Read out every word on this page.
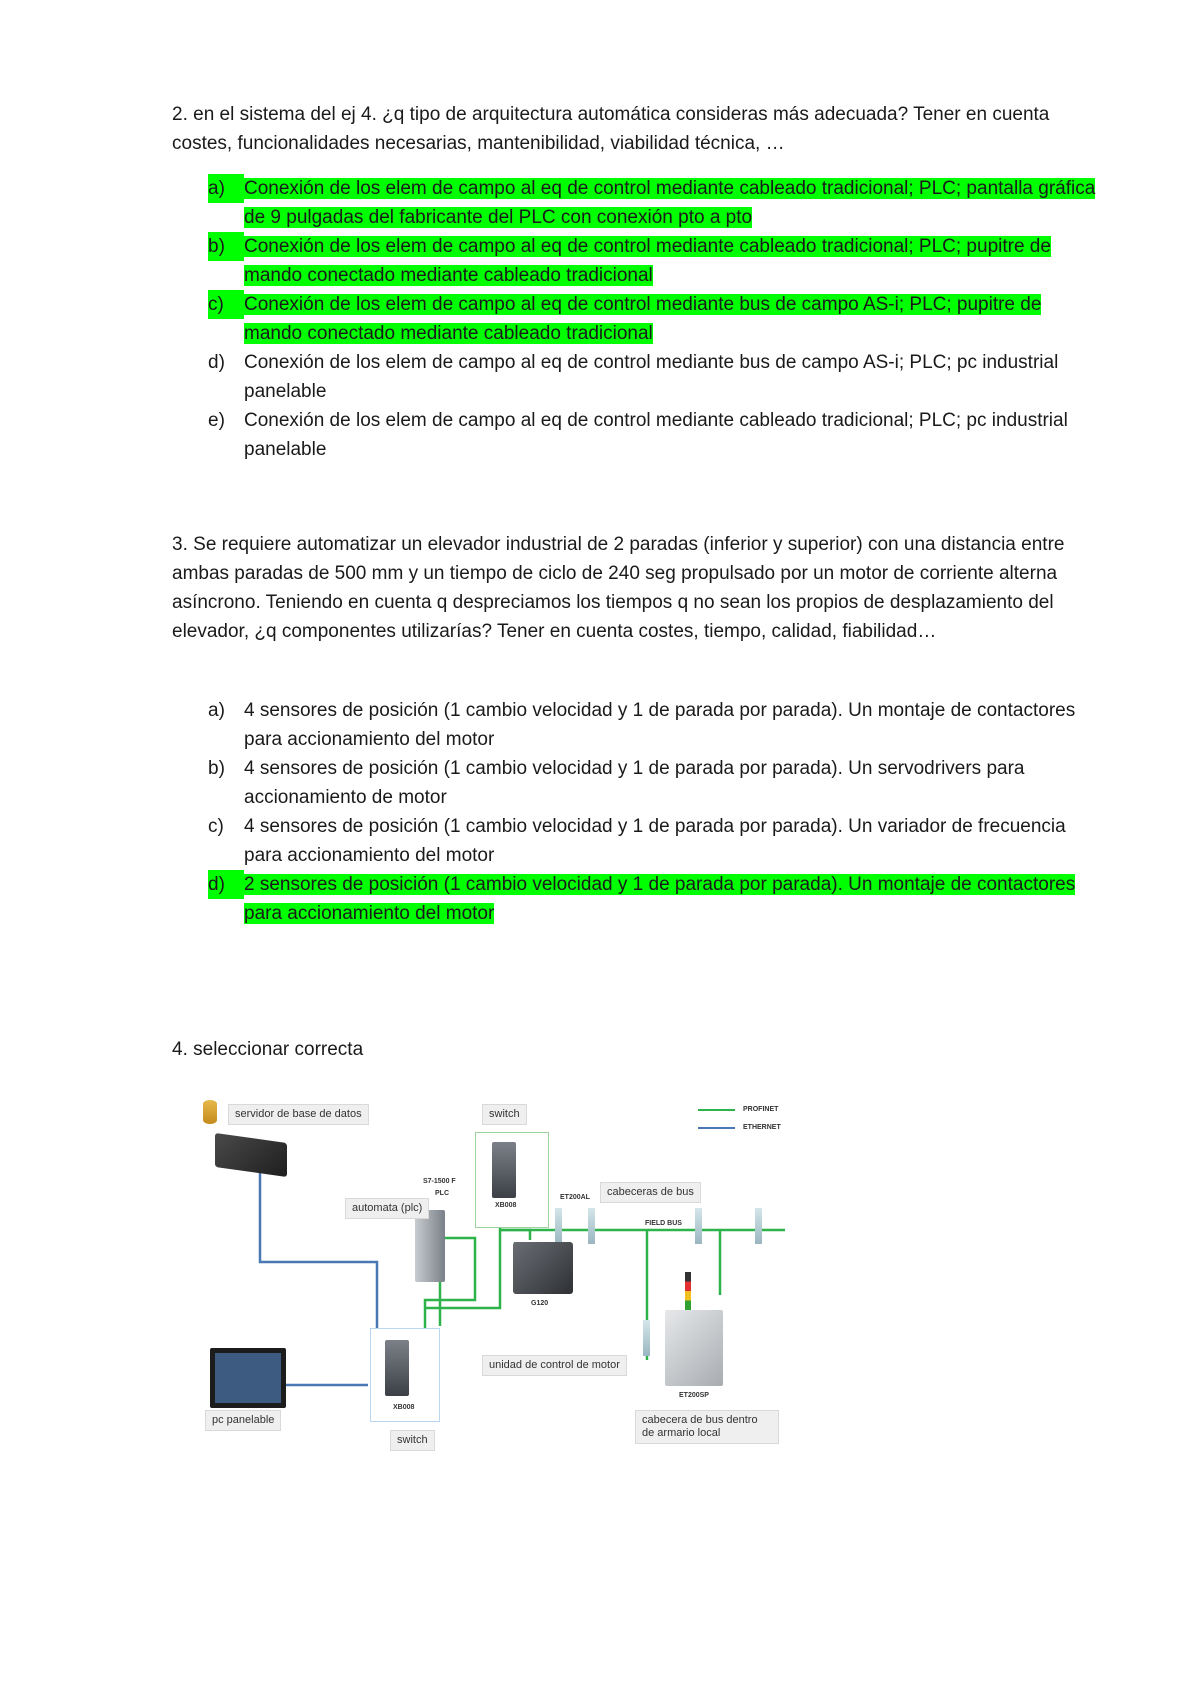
2. en el sistema del ej 4. ¿q tipo de arquitectura automática consideras más adecuada? Tener en cuenta costes, funcionalidades necesarias, mantenibilidad, viabilidad técnica, …

a)	Conexión de los elem de campo al eq de control mediante cableado tradicional; PLC; pantalla gráfica de 9 pulgadas del fabricante del PLC con conexión pto a pto
b)	Conexión de los elem de campo al eq de control mediante cableado tradicional; PLC; pupitre de mando conectado mediante cableado tradicional
c)	Conexión de los elem de campo al eq de control mediante bus de campo AS-i; PLC; pupitre de mando conectado mediante cableado tradicional
d)	Conexión de los elem de campo al eq de control mediante bus de campo AS-i; PLC; pc industrial panelable
e)	Conexión de los elem de campo al eq de control mediante cableado tradicional; PLC; pc industrial panelable

3. Se requiere automatizar un elevador industrial de 2 paradas (inferior y superior) con una distancia entre ambas paradas de 500 mm y un tiempo de ciclo de 240 seg propulsado por un motor de corriente alterna asíncrono. Teniendo en cuenta q despreciamos los tiempos q no sean los propios de desplazamiento del elevador, ¿q componentes utilizarías? Tener en cuenta costes, tiempo, calidad, fiabilidad…

a)	4 sensores de posición (1 cambio velocidad y 1 de parada por parada). Un montaje de contactores para accionamiento del motor
b)	4 sensores de posición (1 cambio velocidad y 1 de parada por parada). Un servodrivers para accionamiento de motor
c)	4 sensores de posición (1 cambio velocidad y 1 de parada por parada). Un variador de frecuencia para accionamiento del motor
d)	2 sensores de posición (1 cambio velocidad y 1 de parada por parada). Un montaje de contactores para accionamiento del motor

4. seleccionar correcta

servidor de base de datos	switch
automata (plc)
cabeceras de bus
unidad de control de motor
pc panelable
switch
cabecera de bus dentro de armario local
PROFINET
ETHERNET
S7-1500 F
PLC
XB008
ET200AL
FIELD BUS
G120
XB008
ET200SP
